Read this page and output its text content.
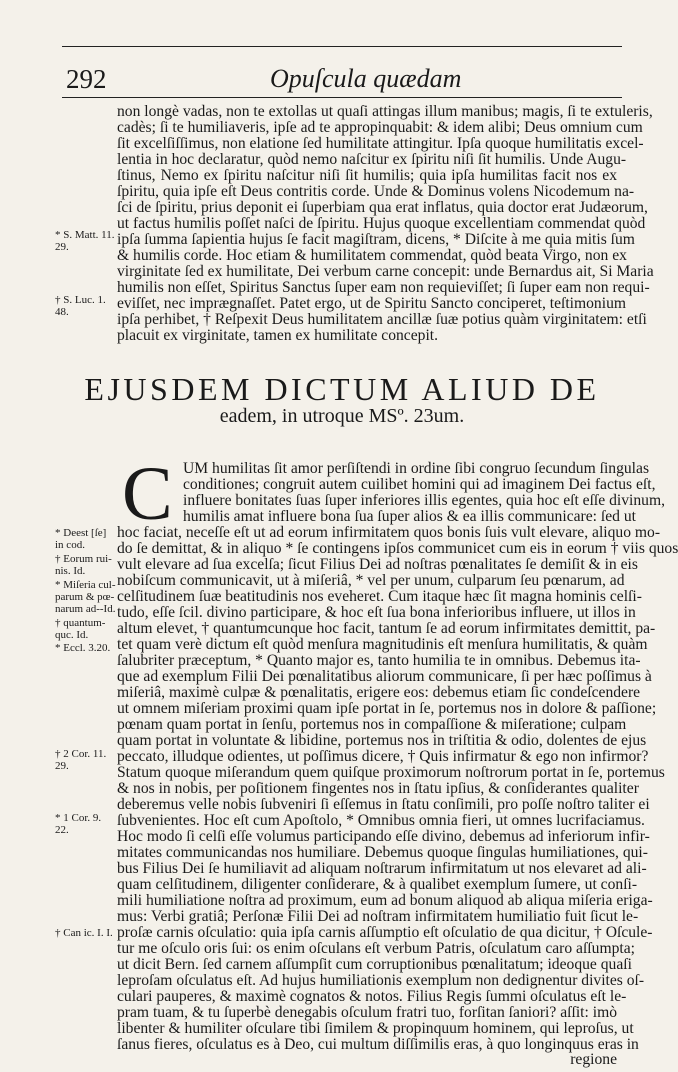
292	Opuſcula quædam
non longè vadas, non te extollas ut quaſi attingas illum manibus; magis, ſi te extuleris,
cadès; ſi te humiliaveris, ipſe ad te appropinquabit: & idem alibi; Deus omnium cum
ſit excelſiſſimus, non elatione ſed humilitate attingitur. Ipſa quoque humilitatis excel-
lentia in hoc declaratur, quòd nemo naſcitur ex ſpiritu niſi ſit humilis. Unde Augu-
ſtinus, Nemo ex ſpiritu naſcitur niſi ſit humilis; quia ipſa humilitas facit nos ex
ſpiritu, quia ipſe eſt Deus contritis corde. Unde & Dominus volens Nicodemum na-
ſci de ſpiritu, prius deponit ei ſuperbiam qua erat inflatus, quia doctor erat Judæorum,
ut factus humilis poſſet naſci de ſpiritu. Hujus quoque excellentiam commendat quòd
ipſa ſumma ſapientia hujus ſe facit magiſtram, dicens, * Diſcite à me quia mitis ſum
& humilis corde. Hoc etiam & humilitatem commendat, quòd beata Virgo, non ex
virginitate ſed ex humilitate, Dei verbum carne concepit: unde Bernardus ait, Si Maria
humilis non eſſet, Spiritus Sanctus ſuper eam non requieviſſet; ſi ſuper eam non requi-
eviſſet, nec imprægnaſſet. Patet ergo, ut de Spiritu Sancto conciperet, teſtimonium
ipſa perhibet, † Reſpexit Deus humilitatem ancillæ ſuæ potius quàm virginitatem: etſi
placuit ex virginitate, tamen ex humilitate concepit.
* S. Matt. 11.
29.
† S. Luc. 1.
48.
EJUSDEM DICTUM ALIUD DE
eadem, in utroque MSº. 23um.
C UM humilitas ſit amor perſiſtendi in ordine ſibi congruo ſecundum ſingulas
conditiones; congruit autem cuilibet homini qui ad imaginem Dei factus eſt,
influere bonitates ſuas ſuper inferiores illis egentes, quia hoc eſt eſſe divinum,
humilis amat influere bona ſua ſuper alios & ea illis communicare: ſed ut
hoc faciat, neceſſe eſt ut ad eorum infirmitatem quos bonis ſuis vult elevare, aliquo mo-
do ſe demittat, & in aliquo * ſe contingens ipſos communicet cum eis in eorum † viis quos
vult elevare ad ſua excelſa; ſicut Filius Dei ad noſtras pœnalitates ſe demiſit & in eis
nobiſcum communicavit, ut à miſeriâ, * vel per unum, culparum ſeu pœnarum, ad
celſitudinem ſuæ beatitudinis nos eveheret. Cum itaque hæc ſit magna hominis celſi-
tudo, eſſe ſcil. divino participare, & hoc eſt ſua bona inferioribus influere, ut illos in
altum elevet, † quantumcunque hoc facit, tantum ſe ad eorum infirmitates demittit, pa-
tet quam verè dictum eſt quòd menſura magnitudinis eſt menſura humilitatis, & quàm
ſalubriter præceptum, * Quanto major es, tanto humilia te in omnibus. Debemus ita-
que ad exemplum Filii Dei pœnalitatibus aliorum communicare, ſi per hæc poſſimus à
miſeriâ, maximè culpæ & pœnalitatis, erigere eos: debemus etiam ſic condeſcendere
ut omnem miſeriam proximi quam ipſe portat in ſe, portemus nos in dolore & paſſione;
pœnam quam portat in ſenſu, portemus nos in compaſſione & miſeratione; culpam
quam portat in voluntate & libidine, portemus nos in triſtitia & odio, dolentes de ejus
peccato, illudque odientes, ut poſſimus dicere, † Quis infirmatur & ego non infirmor?
Statum quoque miſerandum quem quiſque proximorum noſtrorum portat in ſe, portemus
& nos in nobis, per poſitionem fingentes nos in ſtatu ipſius, & conſiderantes qualiter
deberemus velle nobis ſubveniri ſi eſſemus in ſtatu conſimili, pro poſſe noſtro taliter ei
ſubvenientes. Hoc eſt cum Apoſtolo, * Omnibus omnia fieri, ut omnes lucrifaciamus.
Hoc modo ſi celſi eſſe volumus participando eſſe divino, debemus ad inferiorum infir-
mitates communicandas nos humiliare. Debemus quoque ſingulas humiliationes, qui-
bus Filius Dei ſe humiliavit ad aliquam noſtrarum infirmitatum ut nos elevaret ad ali-
quam celſitudinem, diligenter conſiderare, & à qualibet exemplum ſumere, ut conſi-
mili humiliatione noſtra ad proximum, eum ad bonum aliquod ab aliqua miſeria eriga-
mus: Verbi gratiâ; Perſonæ Filii Dei ad noſtram infirmitatem humiliatio fuit ſicut le-
proſæ carnis oſculatio: quia ipſa carnis aſſumptio eſt oſculatio de qua dicitur, † Oſcule-
tur me oſculo oris ſui: os enim oſculans eſt verbum Patris, oſculatum caro aſſumpta;
ut dicit Bern. ſed carnem aſſumpſit cum corruptionibus pœnalitatum; ideoque quaſi
leproſam oſculatus eſt. Ad hujus humiliationis exemplum non dedignentur divites oſ-
culari pauperes, & maximè cognatos & notos. Filius Regis ſummi oſculatus eſt le-
pram tuam, & tu ſuperbè denegabis oſculum fratri tuo, forſitan ſaniori? aſſit: imò
libenter & humiliter oſculare tibi ſimilem & propinquum hominem, qui leproſus, ut
ſanus fieres, oſculatus es à Deo, cui multum diſſimilis eras, à quo longinquus eras in
regione
* Deest [ſe]
in cod.
† Eorum rui-
nis. Id.
* Miſeria cul-
parum & pœ-
narum ad--Id.
† quantum-
quc. Id.
* Eccl. 3.20.
† 2 Cor. 11.
29.
* 1 Cor. 9.
22.
† Can ic. I. I.
